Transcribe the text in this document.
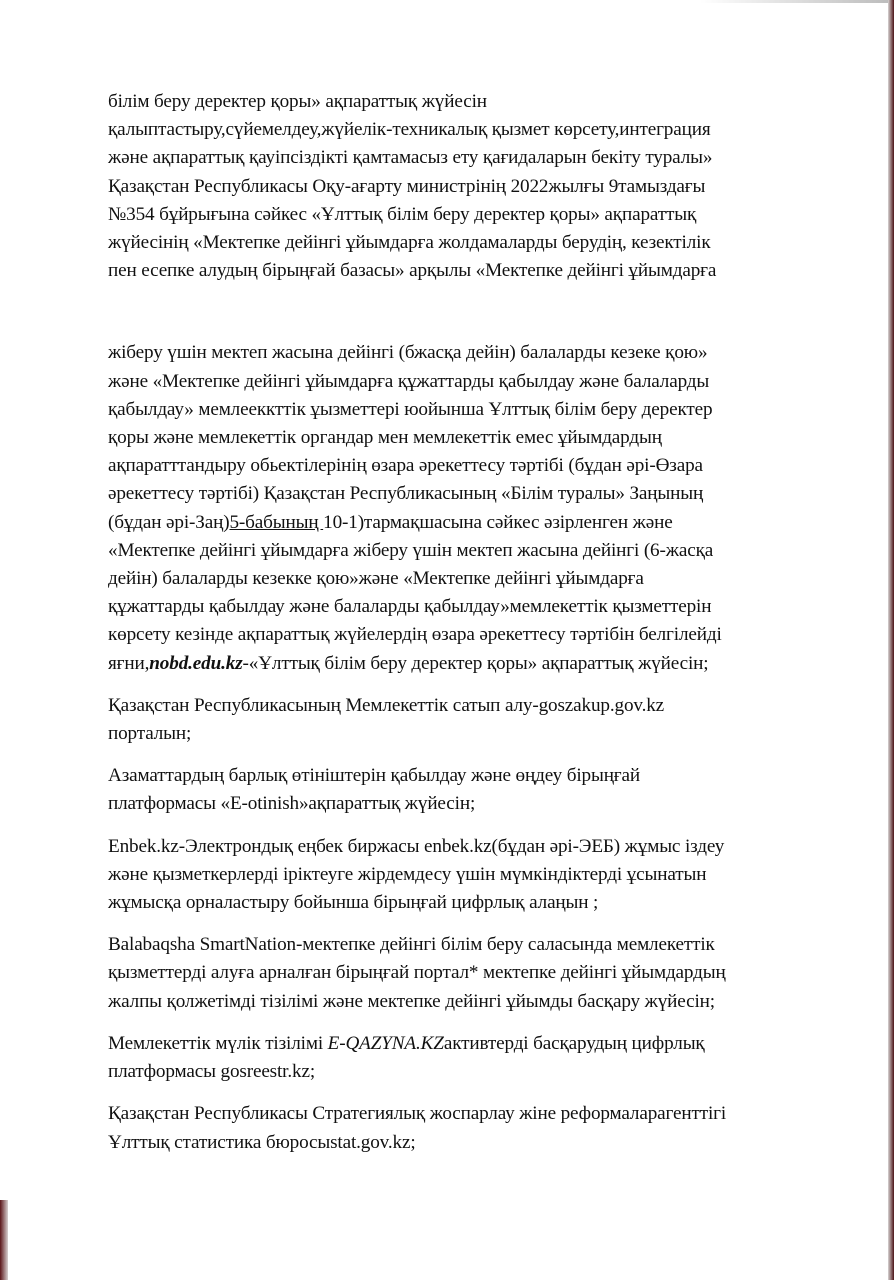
білім беру деректер қоры» ақпараттық жүйесін
қалыптастыру,сүйемелдеу,жүйелік-техникалық қызмет көрсету,интеграция
және ақпараттық қауіпсіздікті қамтамасыз ету қағидаларын бекіту туралы»
Қазақстан Республикасы Оқу-ағарту министрінің 2022жылғы 9тамыздағы
№354 бұйрығына сәйкес «Ұлттық білім беру деректер қоры» ақпараттық
жүйесінің «Мектепке дейінгі ұйымдарға жолдамаларды берудің, кезектілік
пен есепке алудың бірыңғай базасы» арқылы «Мектепке дейінгі ұйымдарға
жіберу үшін мектеп жасына дейінгі (бжасқа дейін) балаларды кезеке қою»
және «Мектепке дейінгі ұйымдарға құжаттарды қабылдау және балаларды
қабылдау» мемлееккттік ұызметтері юойынша Ұлттық білім беру деректер
қоры және мемлекеттік органдар мен мемлекеттік емес ұйымдардың
ақпаратттандыру обьектілерінің өзара әрекеттесу тәртібі (бұдан әрі-Өзара
әрекеттесу тәртібі) Қазақстан Республикасының «Білім туралы» Заңының
(бұдан әрі-Заң)5-бабының 10-1)тармақшасына сәйкес әзірленген және
«Мектепке дейінгі ұйымдарға жіберу үшін мектеп жасына дейінгі (6-жасқа
дейін) балаларды кезекке қою»және «Мектепке дейінгі ұйымдарға
құжаттарды қабылдау және балаларды қабылдау»мемлекеттік қызметтерін
көрсету кезінде ақпараттық жүйелердің өзара әрекеттесу тәртібін белгілейді
яғни,nobd.edu.kz-«Ұлттық білім беру деректер қоры» ақпараттық жүйесін;
Қазақстан Республикасының Мемлекеттік сатып алу-goszakup.gov.kz
порталын;
Азаматтардың барлық өтініштерін қабылдау және өңдеу бірыңғай
платформасы «E-otinish»ақпараттық жүйесін;
Enbek.kz-Электрондық еңбек биржасы enbek.kz(бұдан әрі-ЭЕБ) жұмыс іздеу
және қызметкерлерді іріктеуге жірдемдесу үшін мүмкіндіктерді ұсынатын
жұмысқа орналастыру бойынша бірыңғай цифрлық алаңын ;
Balabaqsha SmartNation-мектепке дейінгі білім беру саласында мемлекеттік
қызметтерді алуға арналған бірыңғай портал* мектепке дейінгі ұйымдардың
жалпы қолжетімді тізілімі және мектепке дейінгі ұйымды басқару жүйесін;
Мемлекеттік мүлік тізілімі E-QAZYNA.KZактивтерді басқарудың цифрлық
платформасы gosreestr.kz;
Қазақстан Республикасы Стратегиялық жоспарлау жіне реформаларагенттігі
Ұлттық статистика бюросыstat.gov.kz;
